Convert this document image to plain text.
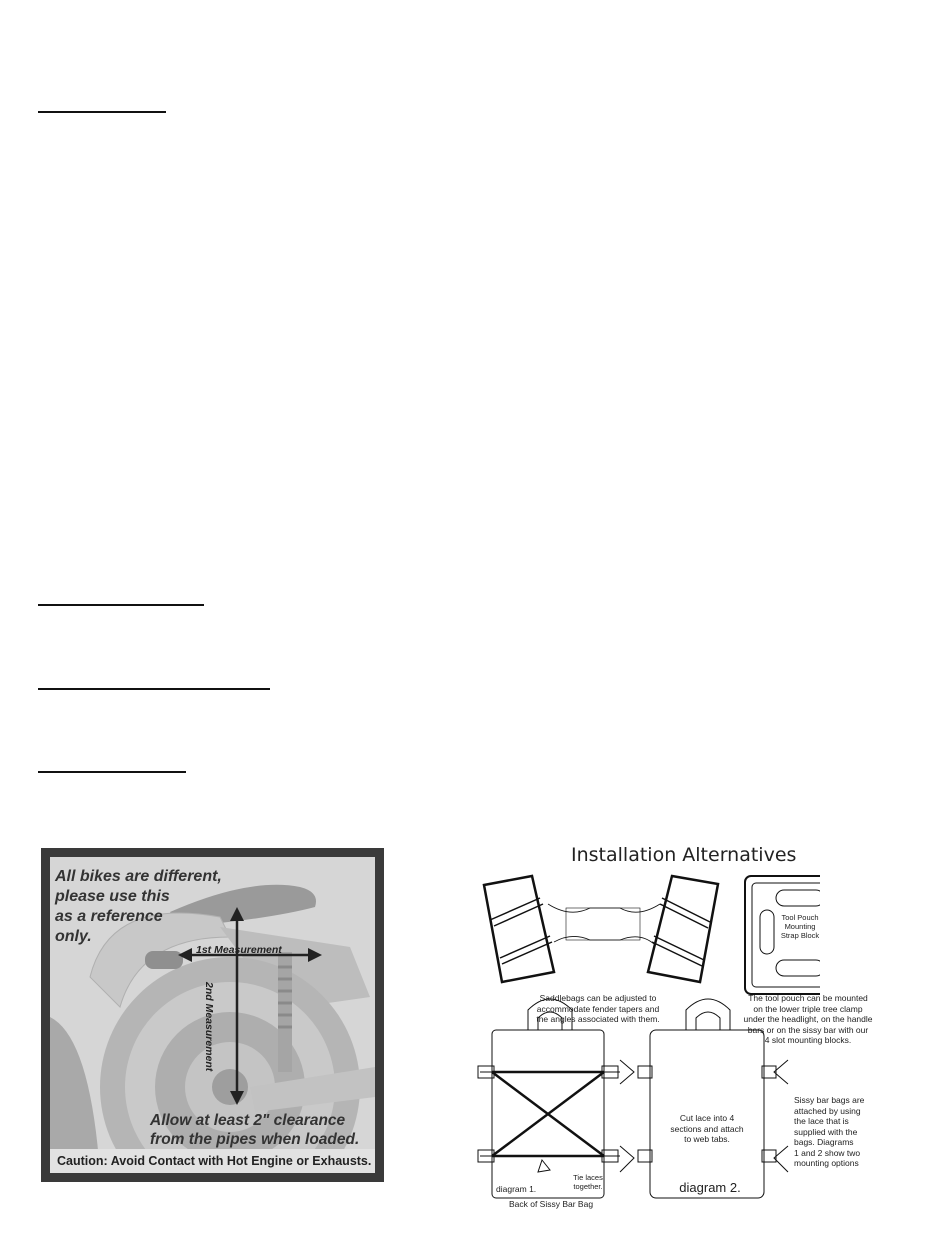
All bikes are different,
please use this
as a reference
only.
1st Measurement
2nd Measurement
Allow at least 2" clearance
from the pipes when loaded.
Caution: Avoid Contact with Hot Engine or Exhausts.
Installation Alternatives
Saddlebags can be adjusted to
accommodate fender tapers and
the angles associated with them.
Tool Pouch
Mounting
Strap Block
The tool pouch can be mounted
on the lower triple tree clamp
under the headlight, on the handle
bars or on the sissy bar with our
4 slot mounting blocks.
Tie laces
together.
diagram 1.
Back of Sissy Bar Bag
Cut lace into 4
sections and attach
to web tabs.
diagram 2.
Sissy bar bags are
attached by using
the lace that is
supplied with the
bags. Diagrams
1 and 2 show two
mounting options
